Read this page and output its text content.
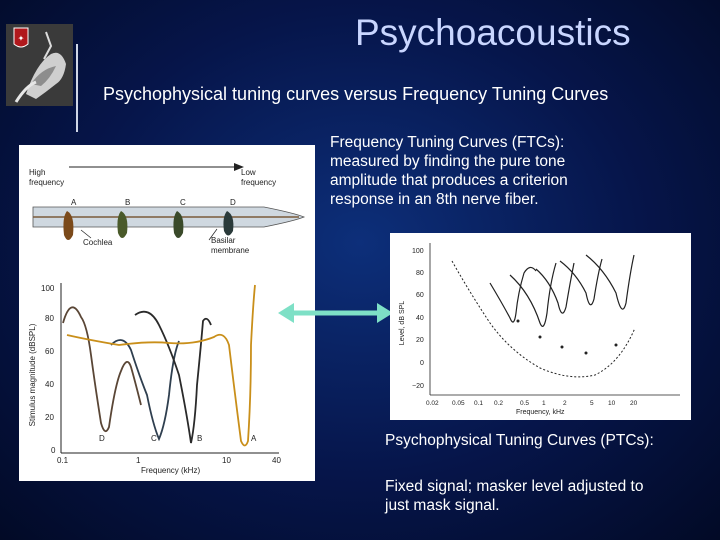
✦	Psychoacoustics
Psychophysical tuning curves versus Frequency Tuning Curves
Frequency Tuning Curves (FTCs):
measured by finding the pure tone
amplitude that produces a criterion
response in an 8th nerve fiber.
High
frequency
Low
frequency
A	B	C	D
Cochlea	Basilar
membrane
Stimulus magnitude (dBSPL)
100
80
60
40
20
0
0.1	1	10	40
Frequency (kHz)
D	C	B	A
Level, dB SPL
100
80
60
40
20
0
−20
0.02 0.05 0.1 0.2	0.5 1	2	5 10 20
Frequency, kHz
Psychophysical Tuning Curves (PTCs):
Fixed signal; masker level adjusted to
just mask signal.
